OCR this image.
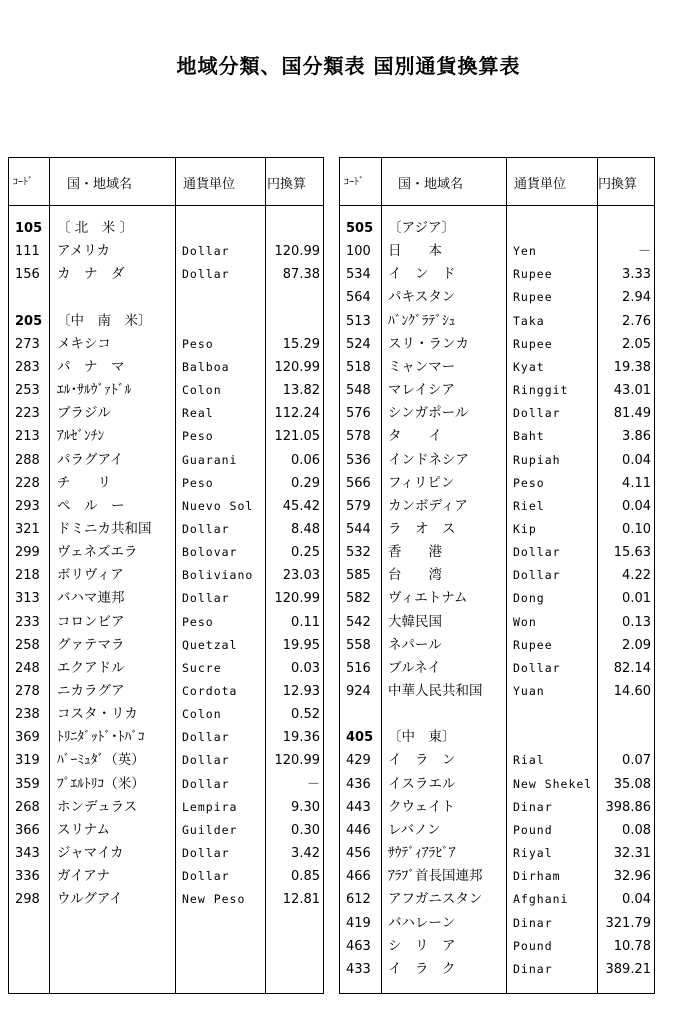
地域分類、国分類表 国別通貨換算表
ｺｰﾄﾞ	国・地域名	通貨単位 円換算
105 〔 北　米 〕
111 アメリカ	Dollar	120.99
156 カ　ナ　ダ	Dollar	87.38
205 〔中　南　米〕
273 メキシコ	Peso	15.29
283 パ　ナ　マ	Balboa	120.99
253 ｴﾙ･ｻﾙｳﾞｧﾄﾞﾙ	Colon	13.82
223 ブラジル	Real	112.24
213 ｱﾙｾﾞﾝﾁﾝ	Peso	121.05
288 パラグアイ	Guarani	0.06
228 チ　　リ	Peso	0.29
293 ペ　ル　ー	Nuevo Sol	45.42
321 ドミニカ共和国	Dollar	8.48
299 ヴェネズエラ	Bolovar	0.25
218 ボリヴィア	Boliviano	23.03
313 バハマ連邦	Dollar	120.99
233 コロンビア	Peso	0.11
258 グァテマラ	Quetzal	19.95
248 エクアドル	Sucre	0.03
278 ニカラグア	Cordota	12.93
238 コスタ・リカ	Colon	0.52
369 ﾄﾘﾆﾀﾞｯﾄﾞ･ﾄﾊﾞｺ	Dollar	19.36
319 ﾊﾞｰﾐｭﾀﾞ（英）	Dollar	120.99
359 ﾌﾟｴﾙﾄﾘｺ（米）	Dollar	－
268 ホンデュラス	Lempira	9.30
366 スリナム	Guilder	0.30
343 ジャマイカ	Dollar	3.42
336 ガイアナ	Dollar	0.85
298 ウルグアイ	New Peso	12.81
ｺｰﾄﾞ	国・地域名	通貨単位 円換算
505 〔アジア〕
100 日　　本	Yen	－
534 イ　ン　ド	Rupee	3.33
564 パキスタン	Rupee	2.94
513 ﾊﾞﾝｸﾞﾗﾃﾞｼｭ	Taka	2.76
524 スリ・ランカ	Rupee	2.05
518 ミャンマー	Kyat	19.38
548 マレイシア	Ringgit	43.01
576 シンガポール	Dollar	81.49
578 タ　　イ	Baht	3.86
536 インドネシア	Rupiah	0.04
566 フィリピン	Peso	4.11
579 カンボディア	Riel	0.04
544 ラ　オ　ス	Kip	0.10
532 香　　港	Dollar	15.63
585 台　　湾	Dollar	4.22
582 ヴィエトナム	Dong	0.01
542 大韓民国	Won	0.13
558 ネパール	Rupee	2.09
516 ブルネイ	Dollar	82.14
924 中華人民共和国	Yuan	14.60
405 〔中　東〕
429 イ　ラ　ン	Rial	0.07
436 イスラエル	New Shekel	35.08
443 クウェイト	Dinar	398.86
446 レバノン	Pound	0.08
456 ｻｳﾃﾞｨｱﾗﾋﾞｱ	Riyal	32.31
466 ｱﾗﾌﾞ首長国連邦	Dirham	32.96
612 アフガニスタン	Afghani	0.04
419 バハレーン	Dinar	321.79
463 シ　リ　ア	Pound	10.78
433 イ　ラ　ク	Dinar	389.21
